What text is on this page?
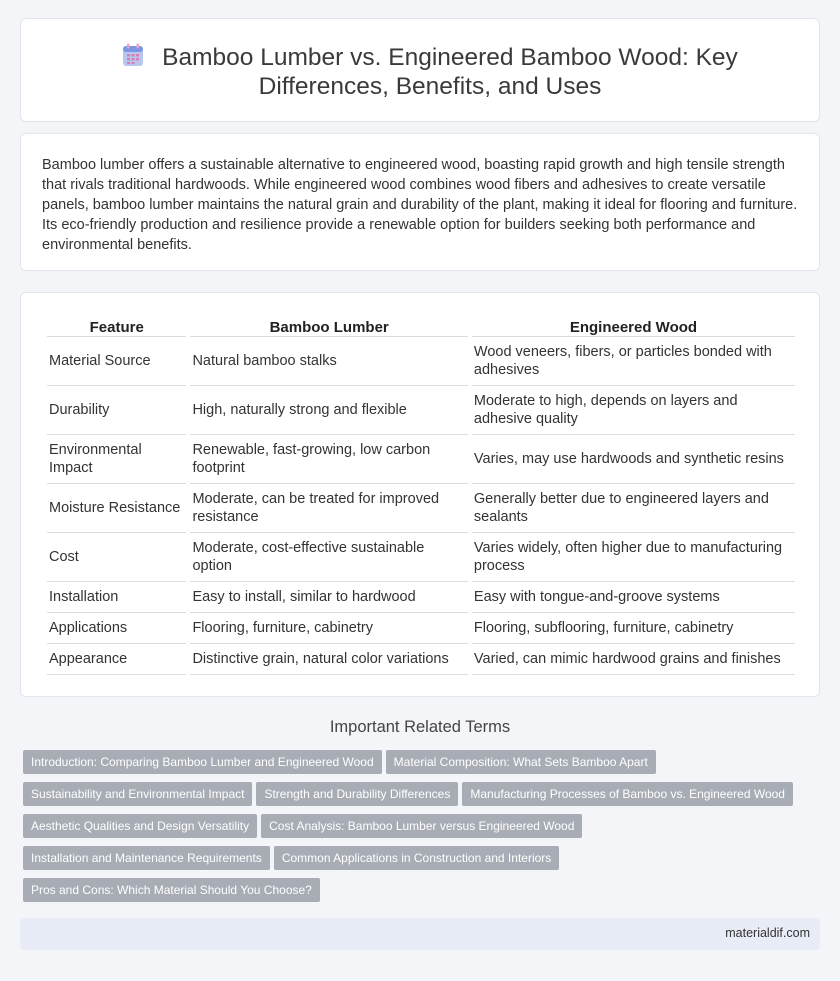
Bamboo Lumber vs. Engineered Bamboo Wood: Key Differences, Benefits, and Uses

Bamboo lumber offers a sustainable alternative to engineered wood, boasting rapid growth and high tensile strength that rivals traditional hardwoods. While engineered wood combines wood fibers and adhesives to create versatile panels, bamboo lumber maintains the natural grain and durability of the plant, making it ideal for flooring and furniture. Its eco-friendly production and resilience provide a renewable option for builders seeking both performance and environmental benefits.

Feature	Bamboo Lumber	Engineered Wood
Material Source	Natural bamboo stalks	Wood veneers, fibers, or particles bonded with adhesives
Durability	High, naturally strong and flexible	Moderate to high, depends on layers and adhesive quality
Environmental Impact	Renewable, fast-growing, low carbon footprint	Varies, may use hardwoods and synthetic resins
Moisture Resistance	Moderate, can be treated for improved resistance	Generally better due to engineered layers and sealants
Cost	Moderate, cost-effective sustainable option	Varies widely, often higher due to manufacturing process
Installation	Easy to install, similar to hardwood	Easy with tongue-and-groove systems
Applications	Flooring, furniture, cabinetry	Flooring, subflooring, furniture, cabinetry
Appearance	Distinctive grain, natural color variations	Varied, can mimic hardwood grains and finishes
Important Related Terms
Introduction: Comparing Bamboo Lumber and Engineered Wood Material Composition: What Sets Bamboo Apart
Sustainability and Environmental Impact Strength and Durability Differences Manufacturing Processes of Bamboo vs. Engineered Wood
Aesthetic Qualities and Design Versatility Cost Analysis: Bamboo Lumber versus Engineered Wood
Installation and Maintenance Requirements Common Applications in Construction and Interiors
Pros and Cons: Which Material Should You Choose?
materialdif.com
